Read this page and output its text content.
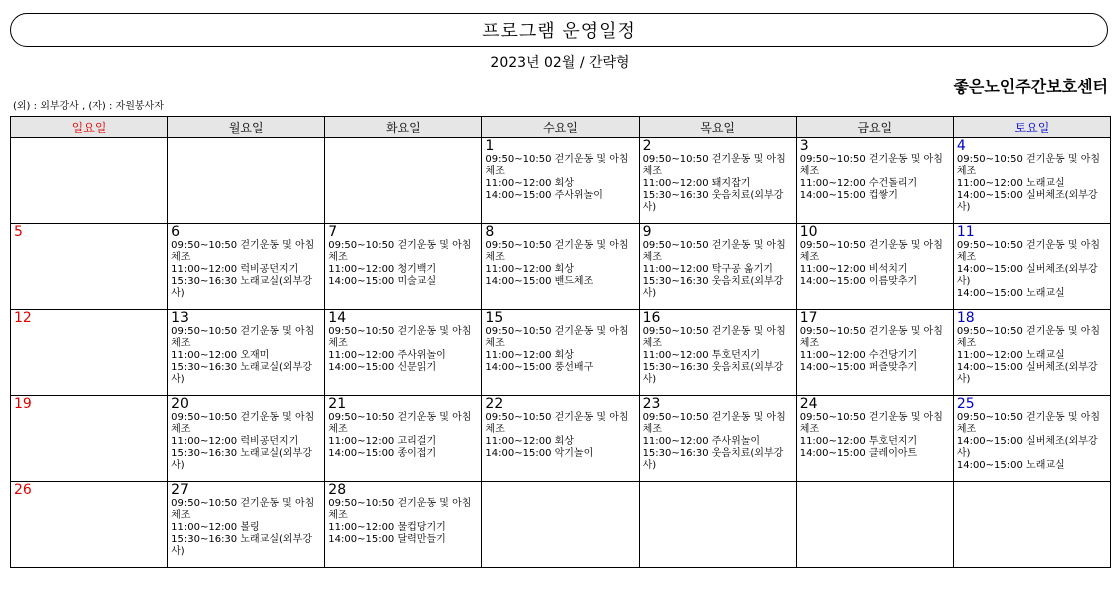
프로그램 운영일정
2023년 02월 / 간략형
좋은노인주간보호센터
(외) : 외부강사 , (자) : 자원봉사자
일요일	월요일	화요일	수요일	목요일	금요일	토요일

			1
09:50~10:50 걷기운동 및 아침체조
11:00~12:00 회상
14:00~15:00 주사위놀이	2
09:50~10:50 걷기운동 및 아침체조
11:00~12:00 돼지잡기
15:30~16:30 웃음치료(외부강사)	3
09:50~10:50 걷기운동 및 아침체조
11:00~12:00 수건돌리기
14:00~15:00 컵쌓기	4
09:50~10:50 걷기운동 및 아침체조
11:00~12:00 노래교실
14:00~15:00 실버체조(외부강사)

5	6
09:50~10:50 걷기운동 및 아침체조
11:00~12:00 럭비공던지기
15:30~16:30 노래교실(외부강사)	7
09:50~10:50 걷기운동 및 아침체조
11:00~12:00 청기백기
14:00~15:00 미술교실	8
09:50~10:50 걷기운동 및 아침체조
11:00~12:00 회상
14:00~15:00 밴드체조	9
09:50~10:50 걷기운동 및 아침체조
11:00~12:00 탁구공 옮기기
15:30~16:30 웃음치료(외부강사)	10
09:50~10:50 걷기운동 및 아침체조
11:00~12:00 비석치기
14:00~15:00 이름맞추기	11
09:50~10:50 걷기운동 및 아침체조
14:00~15:00 실버체조(외부강사)
14:00~15:00 노래교실

12	13
09:50~10:50 걷기운동 및 아침체조
11:00~12:00 오재미
15:30~16:30 노래교실(외부강사)	14
09:50~10:50 걷기운동 및 아침체조
11:00~12:00 주사위놀이
14:00~15:00 신문읽기	15
09:50~10:50 걷기운동 및 아침체조
11:00~12:00 회상
14:00~15:00 풍선배구	16
09:50~10:50 걷기운동 및 아침체조
11:00~12:00 투호던지기
15:30~16:30 웃음치료(외부강사)	17
09:50~10:50 걷기운동 및 아침체조
11:00~12:00 수건당기기
14:00~15:00 퍼즐맞추기	18
09:50~10:50 걷기운동 및 아침체조
11:00~12:00 노래교실
14:00~15:00 실버체조(외부강사)

19	20
09:50~10:50 걷기운동 및 아침체조
11:00~12:00 럭비공던지기
15:30~16:30 노래교실(외부강사)	21
09:50~10:50 걷기운동 및 아침체조
11:00~12:00 고리걸기
14:00~15:00 종이접기	22
09:50~10:50 걷기운동 및 아침체조
11:00~12:00 회상
14:00~15:00 악기놀이	23
09:50~10:50 걷기운동 및 아침체조
11:00~12:00 주사위놀이
15:30~16:30 웃음치료(외부강사)	24
09:50~10:50 걷기운동 및 아침체조
11:00~12:00 투호던지기
14:00~15:00 클레이아트	25
09:50~10:50 걷기운동 및 아침체조
14:00~15:00 실버체조(외부강사)
14:00~15:00 노래교실

26	27
09:50~10:50 걷기운동 및 아침체조
11:00~12:00 볼링
15:30~16:30 노래교실(외부강사)	28
09:50~10:50 걷기운동 및 아침체조
11:00~12:00 물컵당기기
14:00~15:00 달력만들기				
